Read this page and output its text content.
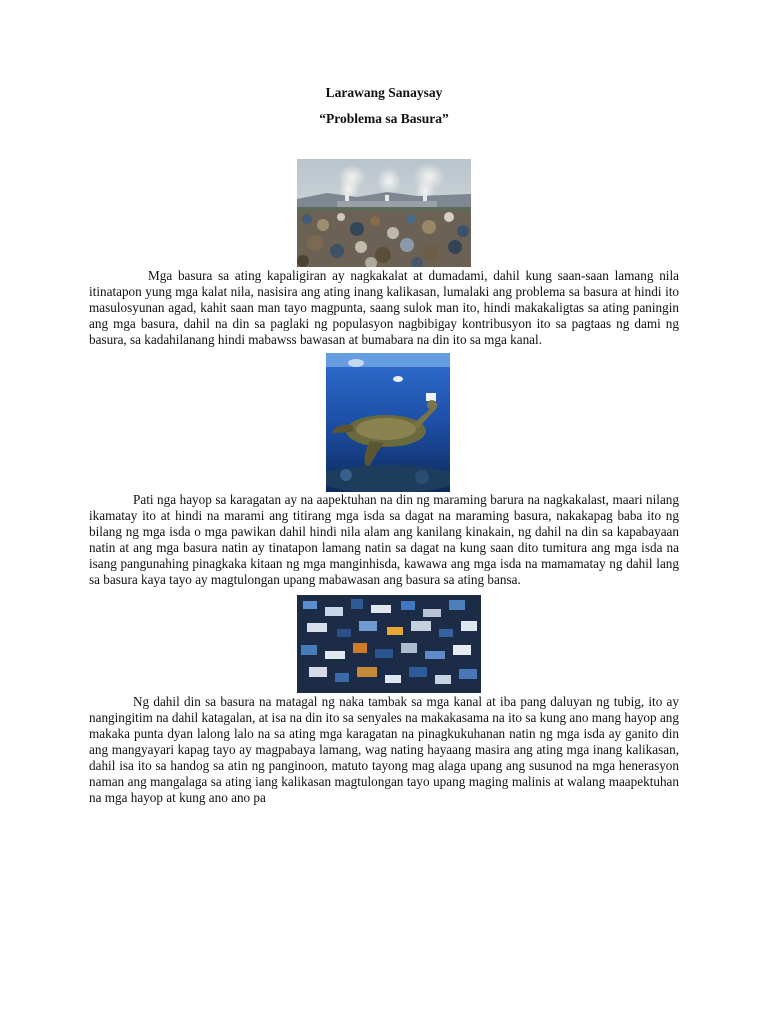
Larawang Sanaysay
“Problema sa Basura”

Mga basura sa ating kapaligiran ay nagkakalat at dumadami, dahil kung saan-saan lamang nila itinatapon yung mga kalat nila, nasisira ang ating inang kalikasan, lumalaki ang problema sa basura at hindi ito masulosyunan agad, kahit saan man tayo magpunta, saang sulok man ito, hindi makakaligtas sa ating paningin ang mga basura, dahil na din sa paglaki ng populasyon nagbibigay kontribusyon ito sa pagtaas ng dami ng basura, sa kadahilanang hindi mabawss bawasan at bumabara na din ito sa mga kanal.

Pati nga hayop sa karagatan ay na aapektuhan na din ng maraming barura na nagkakalast, maari nilang ikamatay ito at hindi na marami ang titirang mga isda sa dagat na maraming basura, nakakapag baba ito ng bilang ng mga isda o mga pawikan dahil hindi nila alam ang kanilang kinakain, ng dahil na din sa kapabayaan natin at ang mga basura natin ay tinatapon lamang natin sa dagat na kung saan dito tumitura ang mga isda na isang pangunahing pinagkaka kitaan ng mga manginhisda, kawawa ang mga isda na mamamatay ng dahil lang sa basura kaya tayo ay magtulongan upang mabawasan ang basura sa ating bansa.

Ng dahil din sa basura na matagal ng naka tambak sa mga kanal at iba pang daluyan ng tubig, ito ay nangingitim na dahil katagalan, at isa na din ito sa senyales na makakasama na ito sa kung ano mang hayop ang makaka punta dyan lalong lalo na sa ating mga karagatan na pinagkukuhanan natin ng mga isda ay ganito din ang mangyayari kapag tayo ay magpabaya lamang, wag nating hayaang masira ang ating mga inang kalikasan, dahil isa ito sa handog sa atin ng panginoon, matuto tayong mag alaga upang ang susunod na mga henerasyon naman ang mangalaga sa ating iang kalikasan magtulongan tayo upang maging malinis at walang maapektuhan na mga hayop at kung ano ano pa
